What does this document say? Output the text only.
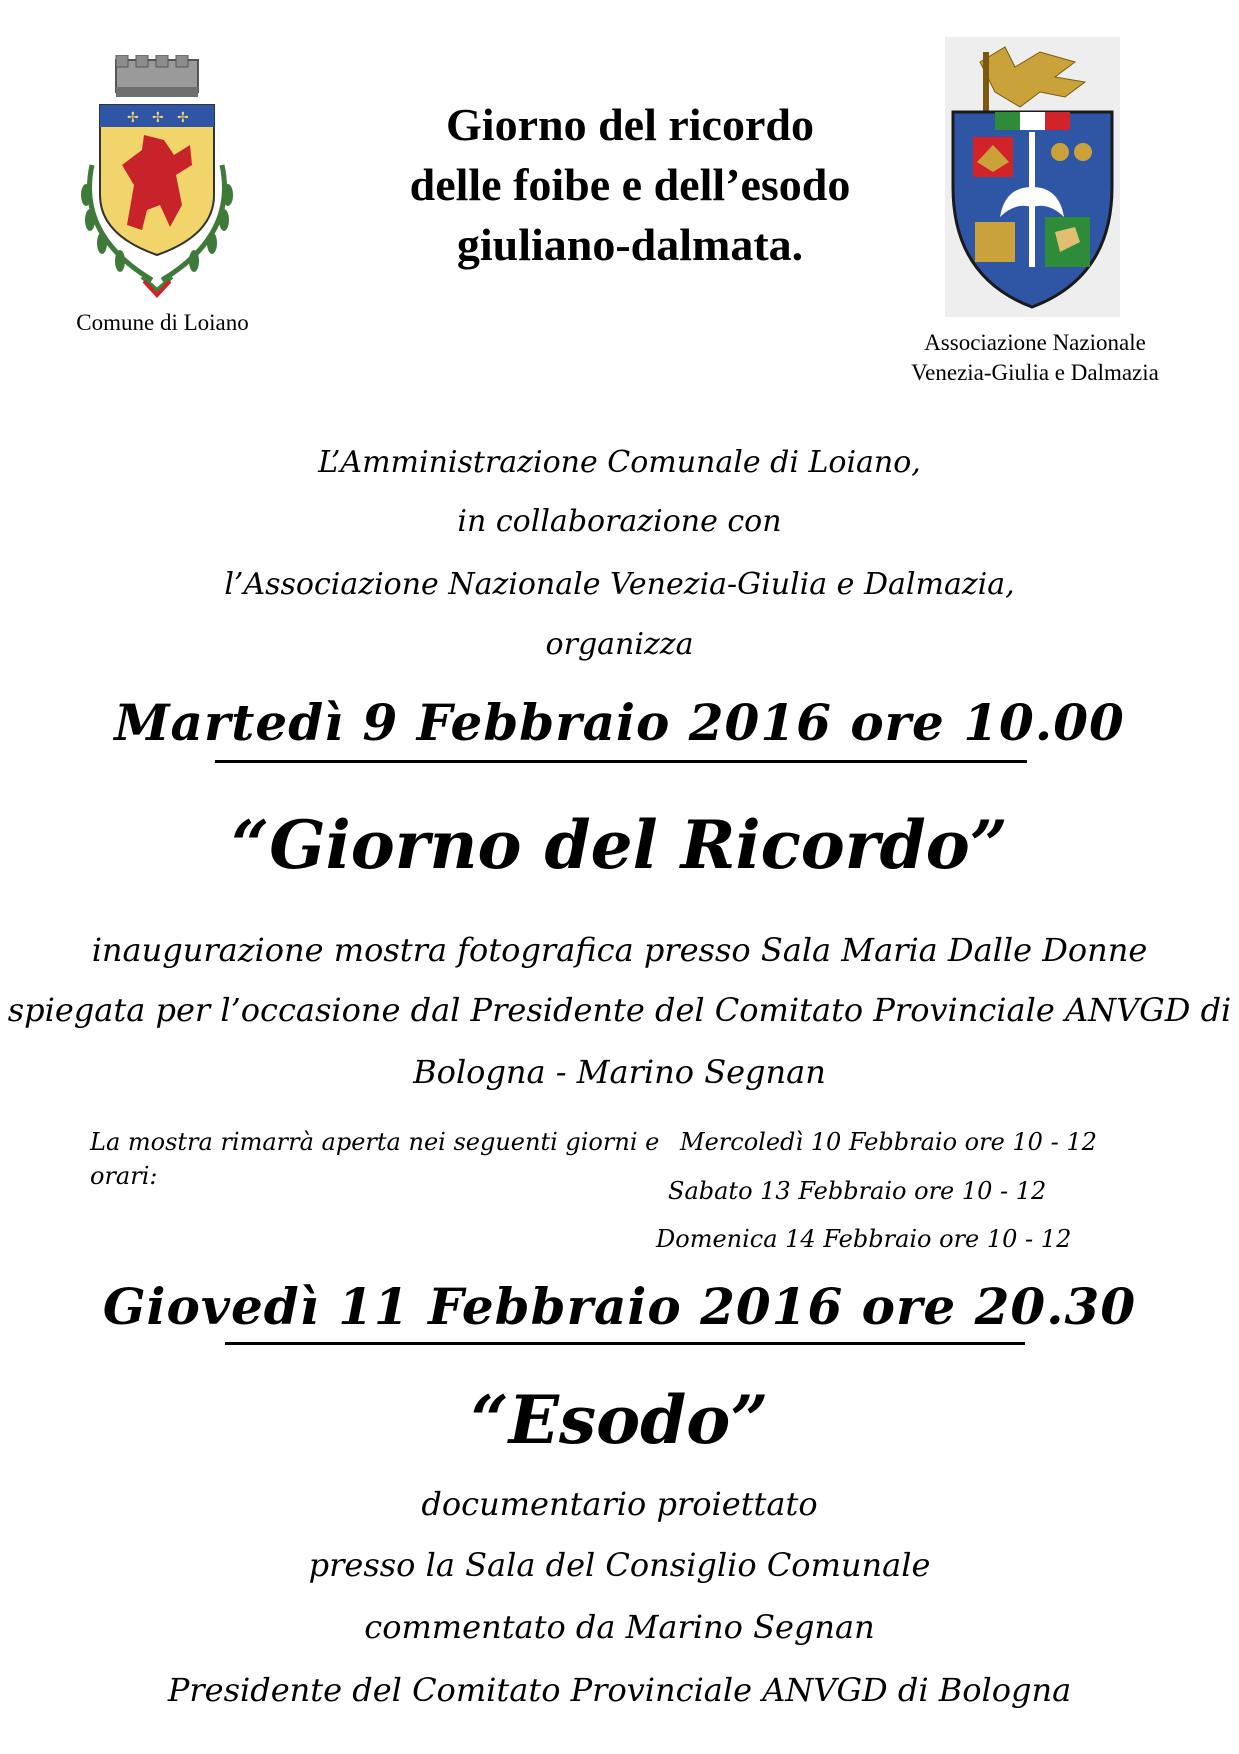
✢ ✢ ✢
Comune di Loiano
Giorno del ricordo
delle foibe e dell’esodo
giuliano-dalmata.
Associazione Nazionale
Venezia-Giulia e Dalmazia
L’Amministrazione Comunale di Loiano,
in collaborazione con
l’Associazione Nazionale Venezia-Giulia e Dalmazia,
organizza
Martedì 9 Febbraio 2016 ore 10.00
“Giorno del Ricordo”
inaugurazione mostra fotografica presso Sala Maria Dalle Donne
spiegata per l’occasione dal Presidente del Comitato Provinciale ANVGD di
Bologna - Marino Segnan
La mostra rimarrà aperta nei seguenti giorni e orari:
Mercoledì 10 Febbraio ore 10 - 12
Sabato 13 Febbraio ore 10 - 12
Domenica 14 Febbraio ore 10 - 12
Giovedì 11 Febbraio 2016 ore 20.30
“Esodo”
documentario proiettato
presso la Sala del Consiglio Comunale
commentato da Marino Segnan
Presidente del Comitato Provinciale ANVGD di Bologna
